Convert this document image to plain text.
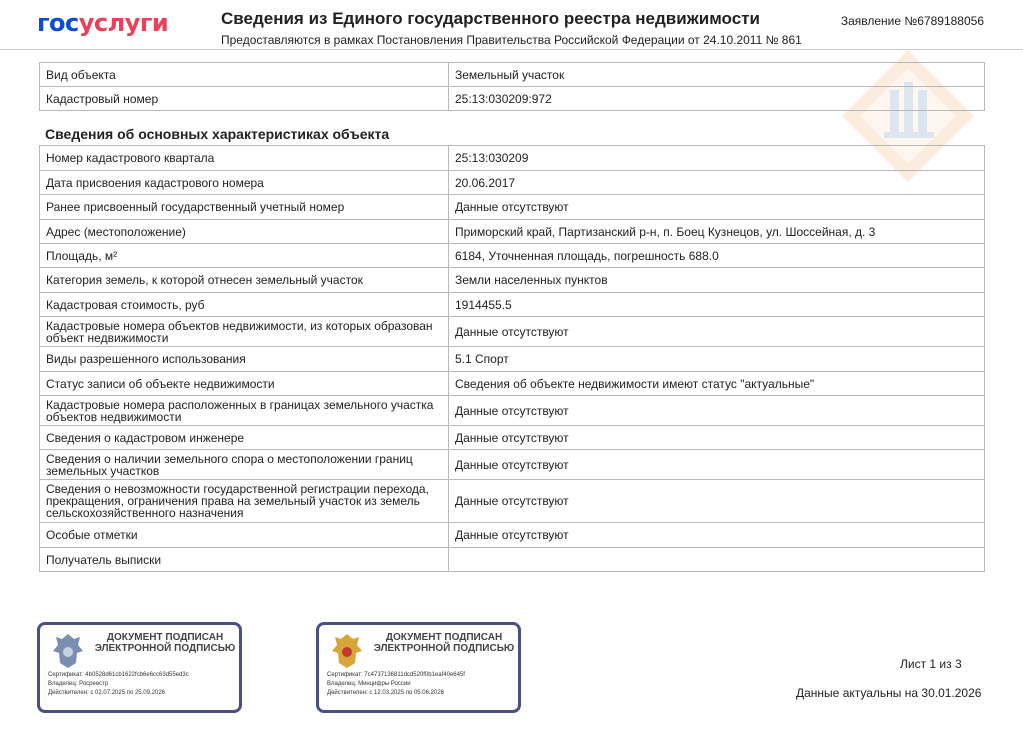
госуслуги	Сведения из Единого государственного реестра недвижимости
Предоставляются в рамках Постановления Правительства Российской Федерации от 24.10.2011 № 861
Заявление №6789188056
Вид объекта	Земельный участок
Кадастровый номер	25:13:030209:972
Сведения об основных характеристиках объекта
Номер кадастрового квартала	25:13:030209
Дата присвоения кадастрового номера	20.06.2017
Ранее присвоенный государственный учетный номер	Данные отсутствуют
Адрес (местоположение)	Приморский край, Партизанский р-н, п. Боец Кузнецов, ул. Шоссейная, д. 3
Площадь, м²	6184, Уточненная площадь, погрешность 688.0
Категория земель, к которой отнесен земельный участок	Земли населенных пунктов
Кадастровая стоимость, руб	1914455.5
Кадастровые номера объектов недвижимости, из которых образован объект недвижимости	Данные отсутствуют
Виды разрешенного использования	5.1 Спорт
Статус записи об объекте недвижимости	Сведения об объекте недвижимости имеют статус "актуальные"
Кадастровые номера расположенных в границах земельного участка объектов недвижимости	Данные отсутствуют
Сведения о кадастровом инженере	Данные отсутствуют
Сведения о наличии земельного спора о местоположении границ земельных участков	Данные отсутствуют
Сведения о невозможности государственной регистрации перехода, прекращения, ограничения права на земельный участок из земель сельскохозяйственного назначения	Данные отсутствуют
Особые отметки	Данные отсутствуют
Получатель выписки	
ДОКУМЕНТ ПОДПИСАН ЭЛЕКТРОННОЙ ПОДПИСЬЮ
Сертификат: 4b0528d61cb1622fcb6e6cc63d55ed3c
Владелец: Росреестр
Действителен: с 02.07.2025 по 25.09.2026
ДОКУМЕНТ ПОДПИСАН ЭЛЕКТРОННОЙ ПОДПИСЬЮ
Сертификат: 7c4737136811dcd520f0b1eaf40e645f
Владелец: Минцифры России
Действителен: с 12.03.2025 по 05.06.2026
Лист 1 из 3
Данные актуальны на 30.01.2026
